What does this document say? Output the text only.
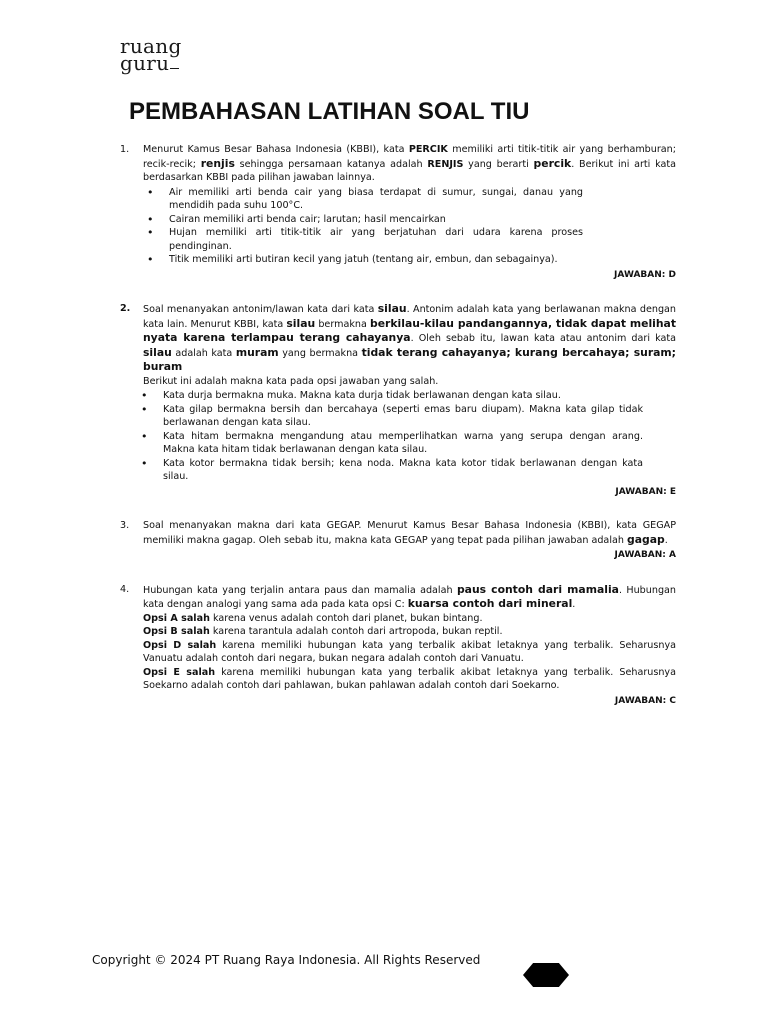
ruang
guru
PEMBAHASAN LATIHAN SOAL TIU
1.	Menurut Kamus Besar Bahasa Indonesia (KBBI), kata PERCIK memiliki arti titik-titik air yang berhamburan; recik-recik; renjis sehingga persamaan katanya adalah RENJIS yang berarti percik. Berikut ini arti kata berdasarkan KBBI pada pilihan jawaban lainnya.
• Air memiliki arti benda cair yang biasa terdapat di sumur, sungai, danau yang mendidih pada suhu 100°C.
• Cairan memiliki arti benda cair; larutan; hasil mencairkan
• Hujan memiliki arti titik-titik air yang berjatuhan dari udara karena proses pendinginan.
• Titik memiliki arti butiran kecil yang jatuh (tentang air, embun, dan sebagainya).
JAWABAN: D
2.	Soal menanyakan antonim/lawan kata dari kata silau. Antonim adalah kata yang berlawanan makna dengan kata lain. Menurut KBBI, kata silau bermakna berkilau-kilau pandangannya, tidak dapat melihat nyata karena terlampau terang cahayanya. Oleh sebab itu, lawan kata atau antonim dari kata silau adalah kata muram yang bermakna tidak terang cahayanya; kurang bercahaya; suram; buram
Berikut ini adalah makna kata pada opsi jawaban yang salah.
• Kata durja bermakna muka. Makna kata durja tidak berlawanan dengan kata silau.
• Kata gilap bermakna bersih dan bercahaya (seperti emas baru diupam). Makna kata gilap tidak berlawanan dengan kata silau.
• Kata hitam bermakna mengandung atau memperlihatkan warna yang serupa dengan arang. Makna kata hitam tidak berlawanan dengan kata silau.
• Kata kotor bermakna tidak bersih; kena noda. Makna kata kotor tidak berlawanan dengan kata silau.
JAWABAN: E
3.	Soal menanyakan makna dari kata GEGAP. Menurut Kamus Besar Bahasa Indonesia (KBBI), kata GEGAP memiliki makna gagap. Oleh sebab itu, makna kata GEGAP yang tepat pada pilihan jawaban adalah gagap.
JAWABAN: A
4.	Hubungan kata yang terjalin antara paus dan mamalia adalah paus contoh dari mamalia. Hubungan kata dengan analogi yang sama ada pada kata opsi C: kuarsa contoh dari mineral.
Opsi A salah karena venus adalah contoh dari planet, bukan bintang.
Opsi B salah karena tarantula adalah contoh dari artropoda, bukan reptil.
Opsi D salah karena memiliki hubungan kata yang terbalik akibat letaknya yang terbalik. Seharusnya Vanuatu adalah contoh dari negara, bukan negara adalah contoh dari Vanuatu.
Opsi E salah karena memiliki hubungan kata yang terbalik akibat letaknya yang terbalik. Seharusnya Soekarno adalah contoh dari pahlawan, bukan pahlawan adalah contoh dari Soekarno.
JAWABAN: C
Copyright © 2024 PT Ruang Raya Indonesia. All Rights Reserved
